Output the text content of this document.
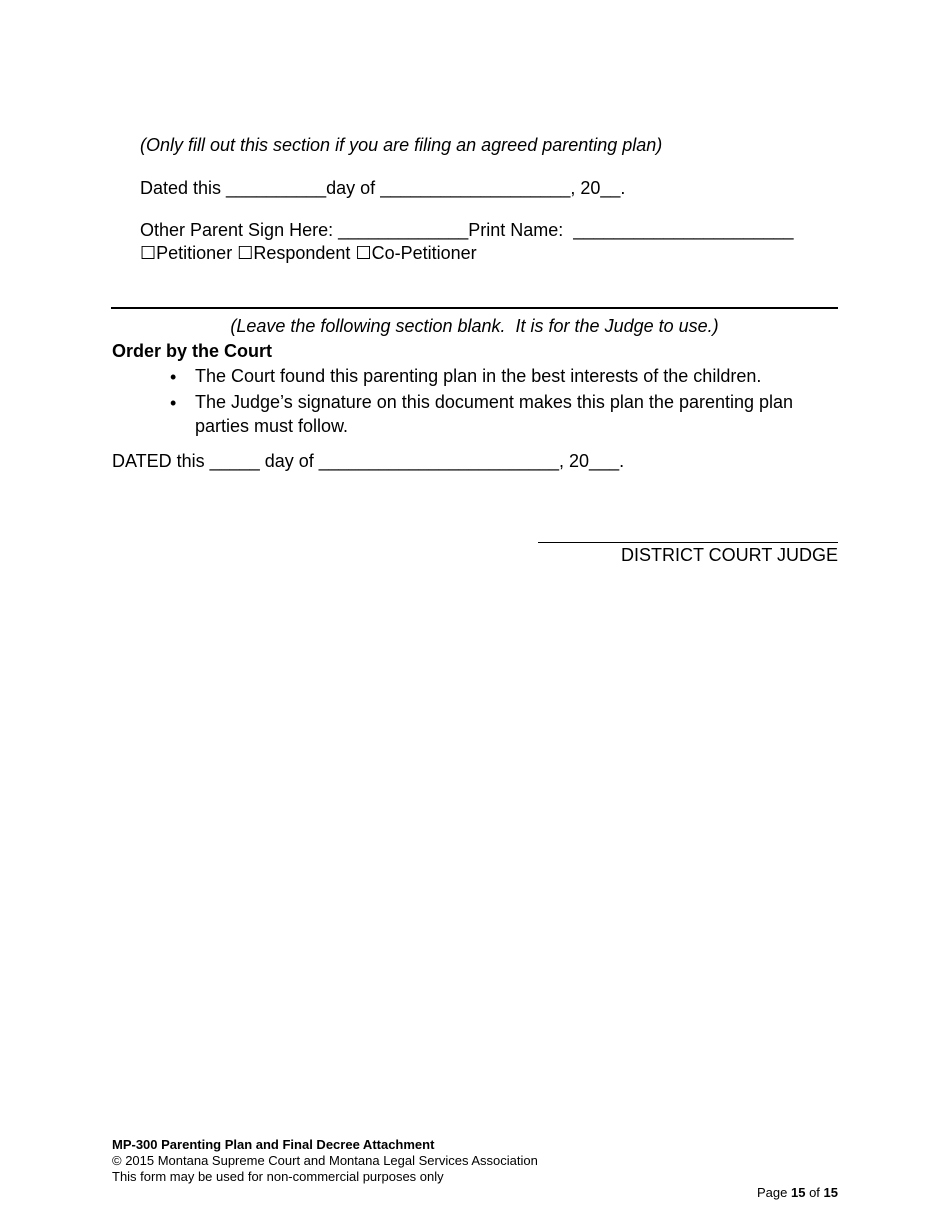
(Only fill out this section if you are filing an agreed parenting plan)
Dated this __________day of ___________________, 20__.
Other Parent Sign Here: _____________Print Name:  ______________________
☐Petitioner ☐Respondent ☐Co-Petitioner
(Leave the following section blank.  It is for the Judge to use.)
Order by the Court
• The Court found this parenting plan in the best interests of the children.
• The Judge’s signature on this document makes this plan the parenting plan parties must follow.
DATED this _____ day of ________________________, 20___.
DISTRICT COURT JUDGE
MP-300 Parenting Plan and Final Decree Attachment
© 2015 Montana Supreme Court and Montana Legal Services Association
This form may be used for non-commercial purposes only
Page 15 of 15
